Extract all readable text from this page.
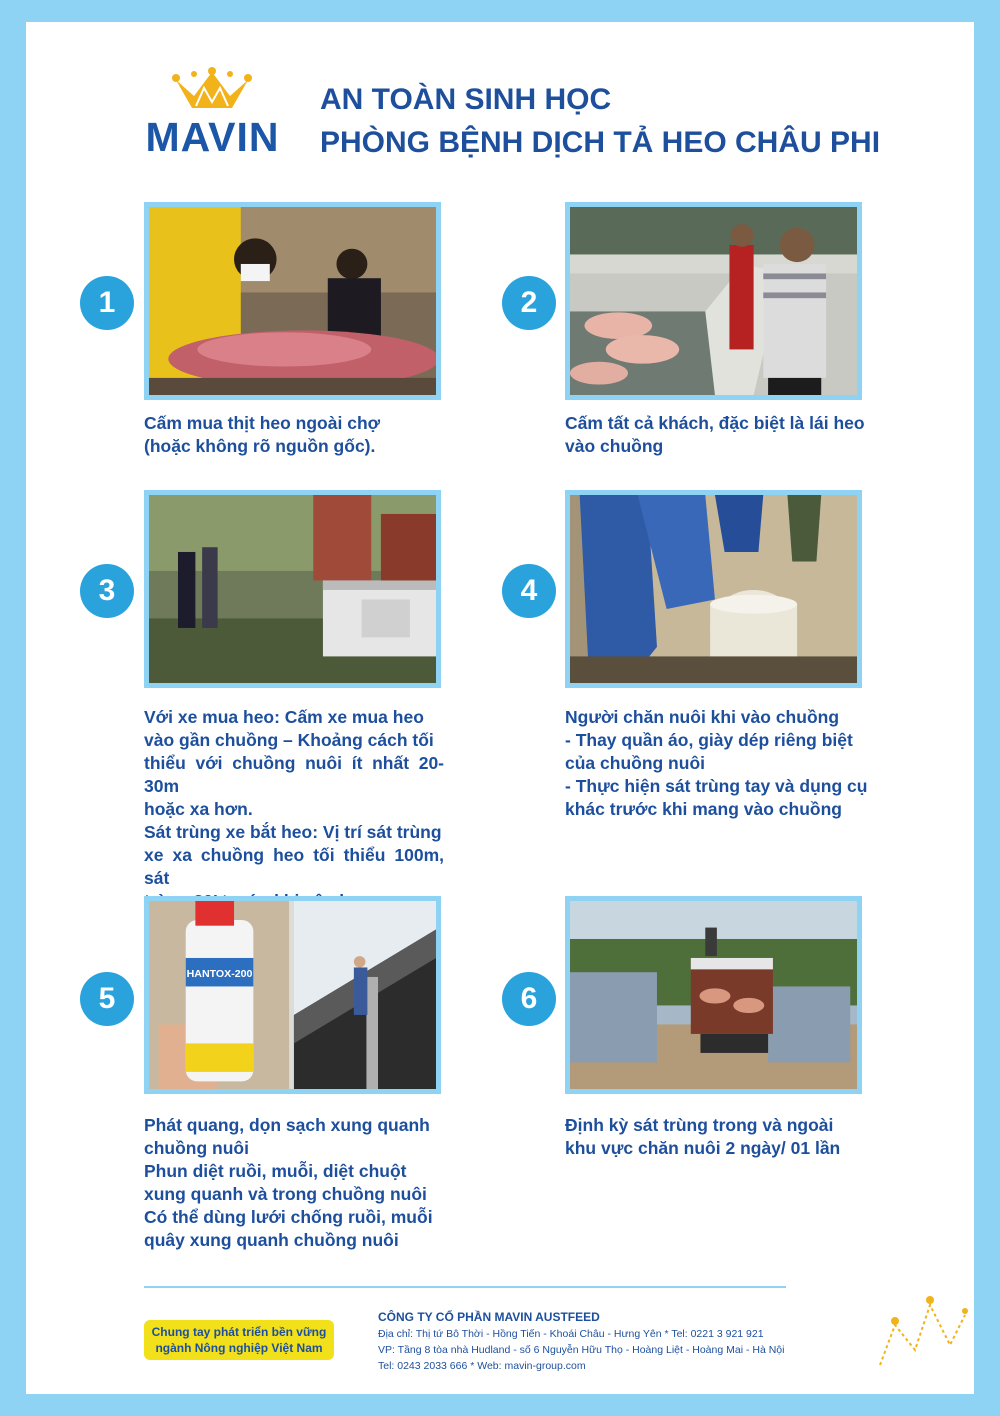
MAVIN
AN TOÀN SINH HỌC
PHÒNG BỆNH DỊCH TẢ HEO CHÂU PHI
1
Cấm mua thịt heo ngoài chợ
(hoặc không rõ nguồn gốc).
2
Cấm tất cả khách, đặc biệt là lái heo
vào chuồng
3
Với xe mua heo: Cấm xe mua heo
vào gần chuồng – Khoảng cách tối
thiểu với chuồng nuôi ít nhất 20-30m
hoặc xa hơn.
Sát trùng xe bắt heo: Vị trí sát trùng
xe xa chuồng heo tối thiểu 100m, sát
4
Người chăn nuôi khi vào chuồng
- Thay quần áo, giày dép riêng biệt
của chuồng nuôi
- Thực hiện sát trùng tay và dụng cụ
khác trước khi mang vào chuồng
5
HANTOX-200
Phát quang, dọn sạch xung quanh
chuồng nuôi
Phun diệt ruồi, muỗi, diệt chuột
xung quanh và trong chuồng nuôi
Có thể dùng lưới chống ruồi, muỗi
quây xung quanh chuồng nuôi
6
Định kỳ sát trùng trong và ngoài
khu vực chăn nuôi 2 ngày/ 01 lần
Chung tay phát triển bền vững
ngành Nông nghiệp Việt Nam
CÔNG TY CỔ PHẦN MAVIN AUSTFEED
Địa chỉ: Thị tứ Bô Thời - Hồng Tiến - Khoái Châu - Hưng Yên * Tel: 0221 3 921 921
VP: Tầng 8 tòa nhà Hudland - số 6 Nguyễn Hữu Thọ - Hoàng Liệt - Hoàng Mai - Hà Nội
Tel: 0243 2033 666 * Web: mavin-group.com
